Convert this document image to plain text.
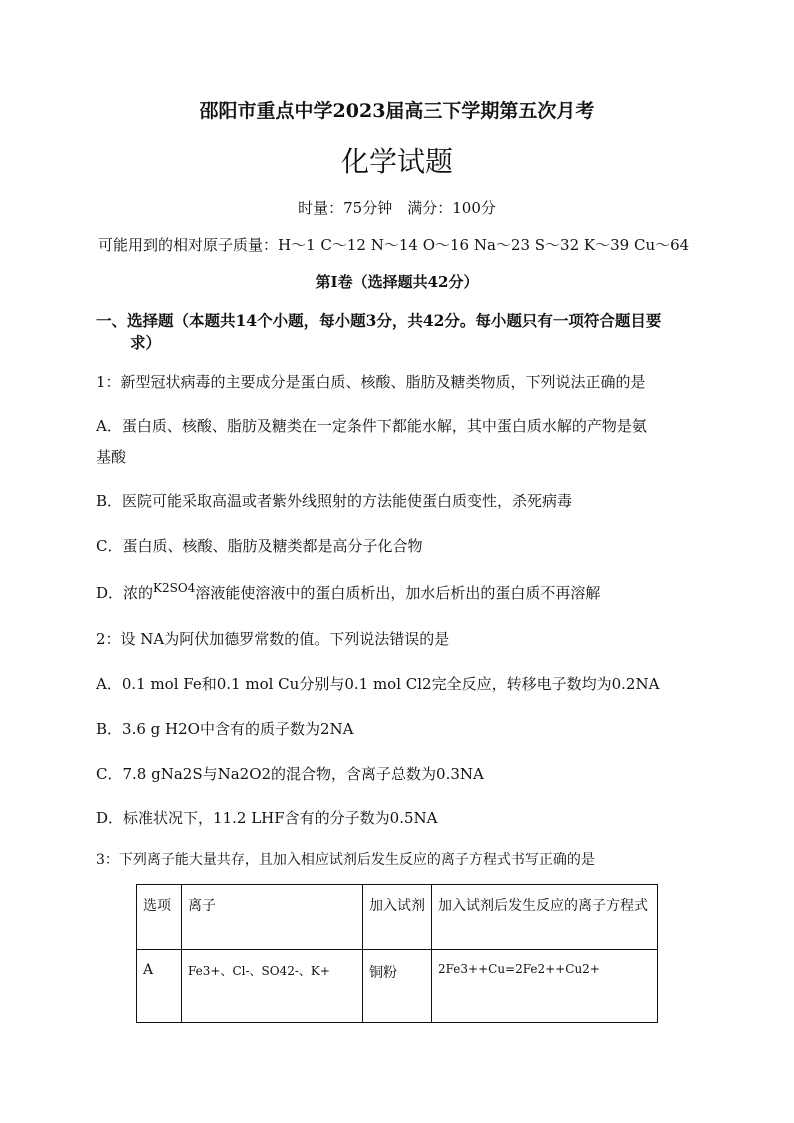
邵阳市重点中学2023届高三下学期第五次月考
化学试题
时量：75分钟　满分：100分
可能用到的相对原子质量：H～1 C～12 N～14 O～16 Na～23 S～32 K～39 Cu～64
第Ⅰ卷（选择题共42分）
一、选择题（本题共14个小题，每小题3分，共42分。每小题只有一项符合题目要
求）
1：新型冠状病毒的主要成分是蛋白质、核酸、脂肪及糖类物质，下列说法正确的是
A．蛋白质、核酸、脂肪及糖类在一定条件下都能水解，其中蛋白质水解的产物是氨
基酸
B．医院可能采取高温或者紫外线照射的方法能使蛋白质变性，杀死病毒
C．蛋白质、核酸、脂肪及糖类都是高分子化合物
D．浓的$^{K2SO4}$溶液能使溶液中的蛋白质析出，加水后析出的蛋白质不再溶解
2：设 NA为阿伏加德罗常数的值。下列说法错误的是
A．0.1 mol Fe和0.1 mol Cu分别与0.1 mol Cl2完全反应，转移电子数均为0.2NA
B．3.6 g H2O中含有的质子数为2NA
C．7.8 gNa2S与Na2O2的混合物，含离子总数为0.3NA
D．标准状况下，11.2 LHF含有的分子数为0.5NA
3：下列离子能大量共存，且加入相应试剂后发生反应的离子方程式书写正确的是
选项	离子	加入试剂	加入试剂后发生反应的离子方程式
A	Fe3+、Cl-、SO42-、K+	铜粉	2Fe3++Cu=2Fe2++Cu2+
